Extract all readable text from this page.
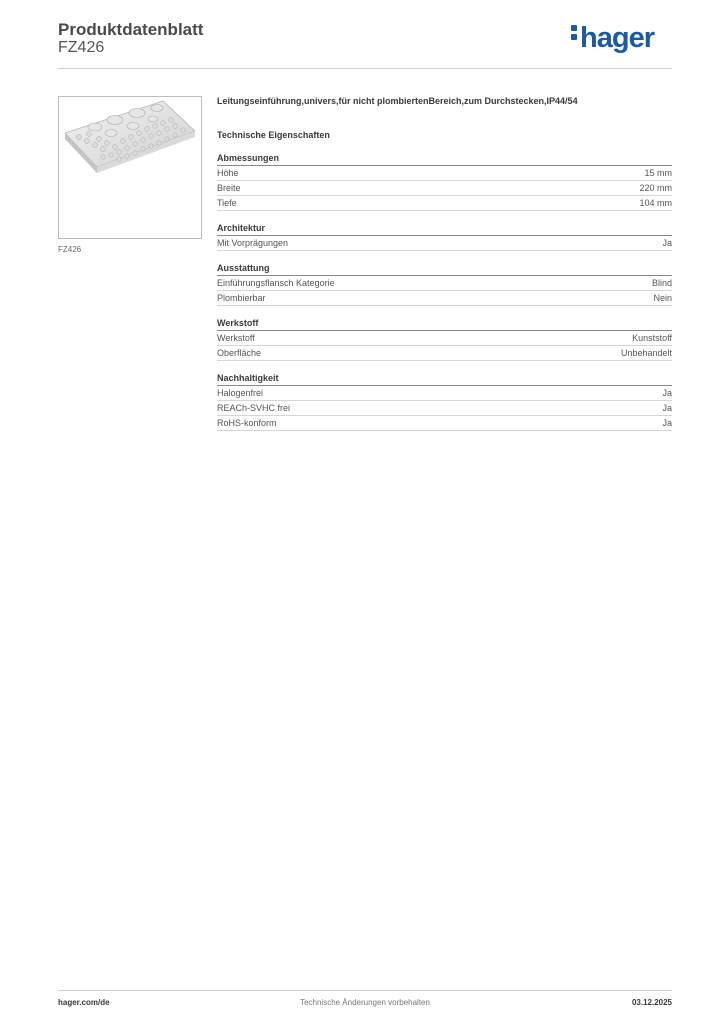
Produktdatenblatt
FZ426	hager
FZ426
Leitungseinführung,univers,für nicht plombiertenBereich,zum Durchstecken,IP44/54
Technische Eigenschaften
Abmessungen
Höhe	15 mm
Breite	220 mm
Tiefe	104 mm
Architektur
Mit Vorprägungen	Ja
Ausstattung
Einführungsflansch Kategorie	Blind
Plombierbar	Nein
Werkstoff
Werkstoff	Kunststoff
Oberfläche	Unbehandelt
Nachhaltigkeit
Halogenfrei	Ja
REACh-SVHC frei	Ja
RoHS-konform	Ja
hager.com/de	Technische Änderungen vorbehalten	03.12.2025
